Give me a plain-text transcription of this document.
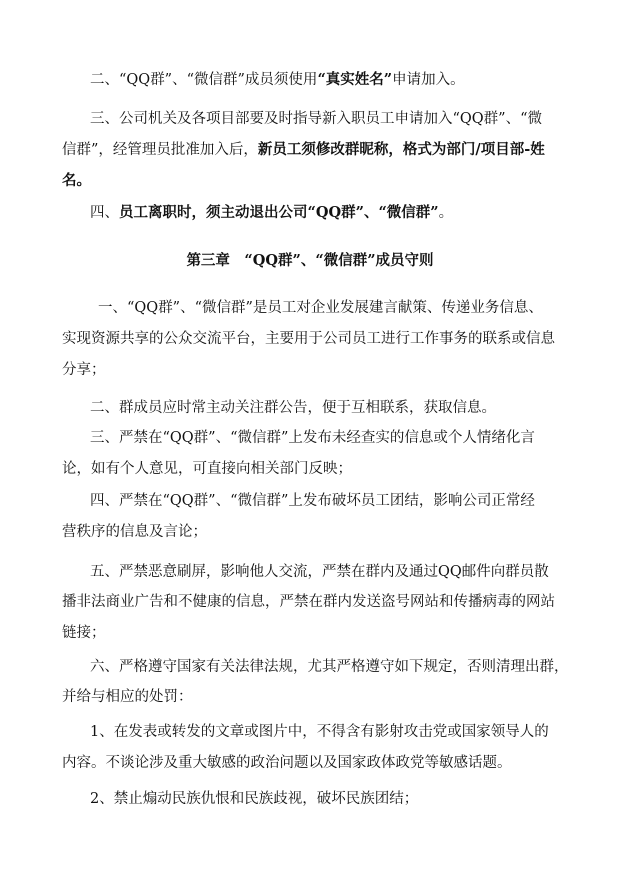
二、“QQ群”、“微信群”成员须使用“真实姓名”申请加入。
三、公司机关及各项目部要及时指导新入职员工申请加入“QQ群”、“微
信群”，经管理员批准加入后，新员工须修改群昵称，格式为部门/项目部-姓
名。
四、员工离职时，须主动退出公司“QQ群”、“微信群”。
第三章　“QQ群”、“微信群”成员守则
一、“QQ群”、“微信群”是员工对企业发展建言献策、传递业务信息、
实现资源共享的公众交流平台，主要用于公司员工进行工作事务的联系或信息
分享；
二、群成员应时常主动关注群公告，便于互相联系，获取信息。
三、严禁在“QQ群”、“微信群”上发布未经查实的信息或个人情绪化言
论，如有个人意见，可直接向相关部门反映；
四、严禁在“QQ群”、“微信群”上发布破坏员工团结，影响公司正常经
营秩序的信息及言论；
五、严禁恶意刷屏，影响他人交流，严禁在群内及通过QQ邮件向群员散
播非法商业广告和不健康的信息，严禁在群内发送盗号网站和传播病毒的网站
链接；
六、严格遵守国家有关法律法规，尤其严格遵守如下规定，否则清理出群，
并给与相应的处罚：
1、在发表或转发的文章或图片中，不得含有影射攻击党或国家领导人的
内容。不谈论涉及重大敏感的政治问题以及国家政体政党等敏感话题。
2、禁止煽动民族仇恨和民族歧视，破坏民族团结；
